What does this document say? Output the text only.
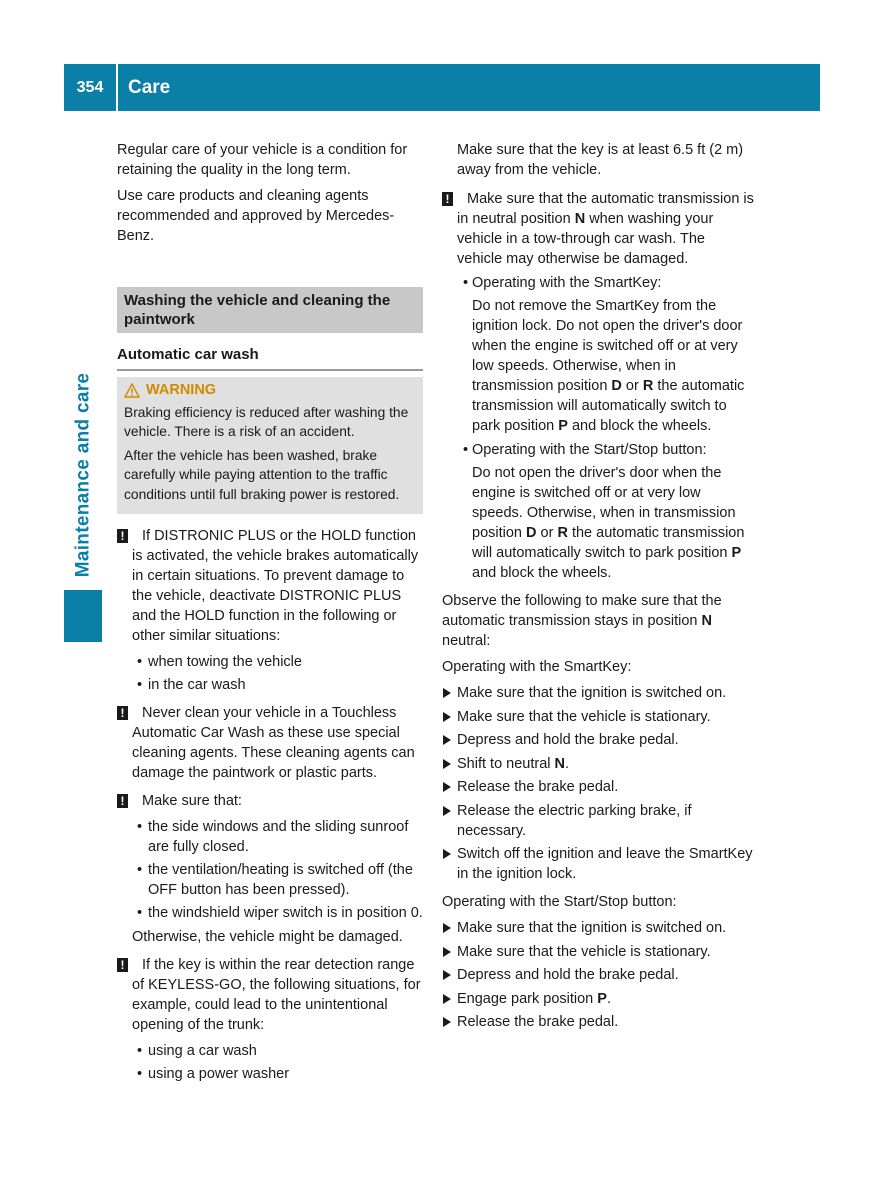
354	Care
Maintenance and care

Regular care of your vehicle is a condition for retaining the quality in the long term.

Use care products and cleaning agents recommended and approved by Mercedes-Benz.

Washing the vehicle and cleaning the paintwork
Automatic car wash
WARNING

Braking efficiency is reduced after washing the vehicle. There is a risk of an accident.

After the vehicle has been washed, brake carefully while paying attention to the traffic conditions until full braking power is restored.

!	If DISTRONIC PLUS or the HOLD function is activated, the vehicle brakes automatically in certain situations. To prevent damage to the vehicle, deactivate DISTRONIC PLUS and the HOLD function in the following or other similar situations:
• when towing the vehicle
• in the car wash
!	Never clean your vehicle in a Touchless Automatic Car Wash as these use special cleaning agents. These cleaning agents can damage the paintwork or plastic parts.
!	Make sure that:
• the side windows and the sliding sunroof are fully closed.
• the ventilation/heating is switched off (the OFF button has been pressed).
• the windshield wiper switch is in position 0.
Otherwise, the vehicle might be damaged.
!	If the key is within the rear detection range of KEYLESS-GO, the following situations, for example, could lead to the unintentional opening of the trunk:
• using a car wash
• using a power washer

Make sure that the key is at least 6.5 ft (2 m) away from the vehicle.

!	Make sure that the automatic transmission is in neutral position N when washing your vehicle in a tow-through car wash. The vehicle may otherwise be damaged.
• Operating with the SmartKey:

Do not remove the SmartKey from the ignition lock. Do not open the driver's door when the engine is switched off or at very low speeds. Otherwise, when in transmission position D or R the automatic transmission will automatically switch to park position P and block the wheels.

• Operating with the Start/Stop button:

Do not open the driver's door when the engine is switched off or at very low speeds. Otherwise, when in transmission position D or R the automatic transmission will automatically switch to park position P and block the wheels.

Observe the following to make sure that the automatic transmission stays in position N neutral:

Operating with the SmartKey:

Make sure that the ignition is switched on.
Make sure that the vehicle is stationary.
Depress and hold the brake pedal.
Shift to neutral N.
Release the brake pedal.
Release the electric parking brake, if necessary.
Switch off the ignition and leave the SmartKey in the ignition lock.

Operating with the Start/Stop button:

Make sure that the ignition is switched on.
Make sure that the vehicle is stationary.
Depress and hold the brake pedal.
Engage park position P.
Release the brake pedal.
